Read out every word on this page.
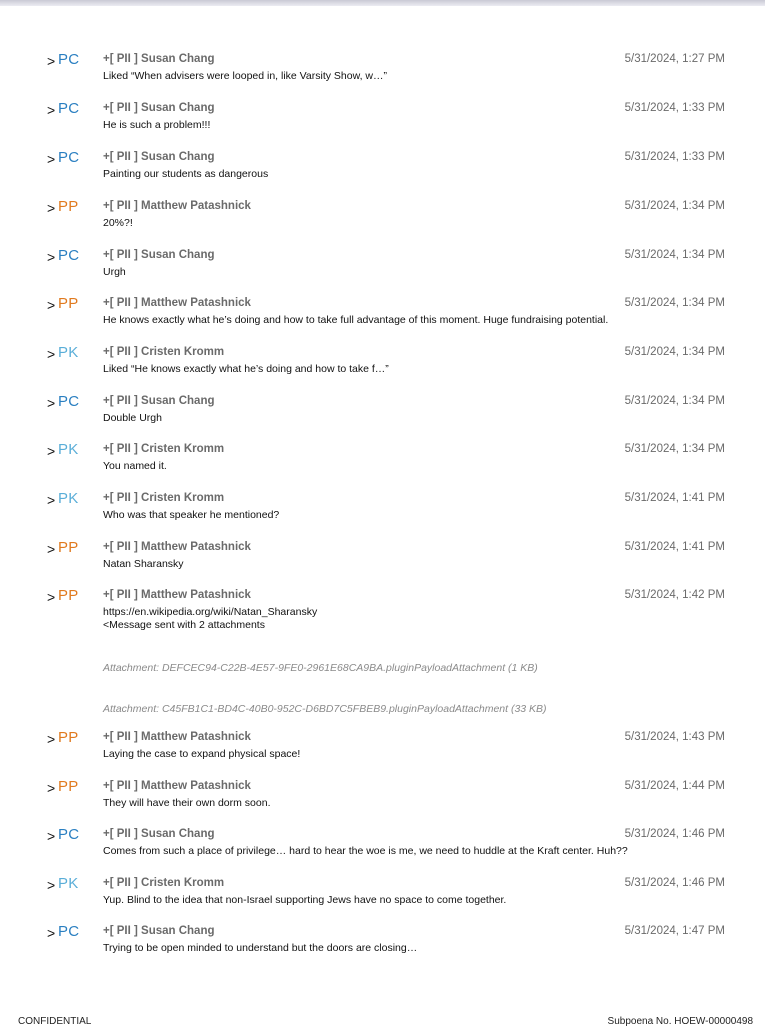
> PC +[ PII ] Susan Chang	5/31/2024, 1:27 PM
Liked “When advisers were looped in, like Varsity Show, w…”
> PC +[ PII ] Susan Chang	5/31/2024, 1:33 PM
He is such a problem!!!
> PC +[ PII ] Susan Chang	5/31/2024, 1:33 PM
Painting our students as dangerous
> PP +[ PII ] Matthew Patashnick	5/31/2024, 1:34 PM
20%?!
> PC +[ PII ] Susan Chang	5/31/2024, 1:34 PM
Urgh
> PP +[ PII ] Matthew Patashnick	5/31/2024, 1:34 PM
He knows exactly what he’s doing and how to take full advantage of this moment. Huge fundraising potential.
> PK +[ PII ] Cristen Kromm	5/31/2024, 1:34 PM
Liked “He knows exactly what he’s doing and how to take f…”
> PC +[ PII ] Susan Chang	5/31/2024, 1:34 PM
Double Urgh
> PK +[ PII ] Cristen Kromm	5/31/2024, 1:34 PM
You named it.
> PK +[ PII ] Cristen Kromm	5/31/2024, 1:41 PM
Who was that speaker he mentioned?
> PP +[ PII ] Matthew Patashnick	5/31/2024, 1:41 PM
Natan Sharansky
> PP +[ PII ] Matthew Patashnick	5/31/2024, 1:42 PM
https://en.wikipedia.org/wiki/Natan_Sharansky
<Message sent with 2 attachments
Attachment: DEFCEC94-C22B-4E57-9FE0-2961E68CA9BA.pluginPayloadAttachment (1 KB)
Attachment: C45FB1C1-BD4C-40B0-952C-D6BD7C5FBEB9.pluginPayloadAttachment (33 KB)
> PP +[ PII ] Matthew Patashnick	5/31/2024, 1:43 PM
Laying the case to expand physical space!
> PP +[ PII ] Matthew Patashnick	5/31/2024, 1:44 PM
They will have their own dorm soon.
> PC +[ PII ] Susan Chang	5/31/2024, 1:46 PM
Comes from such a place of privilege… hard to hear the woe is me, we need to huddle at the Kraft center. Huh??
> PK +[ PII ] Cristen Kromm	5/31/2024, 1:46 PM
Yup. Blind to the idea that non-Israel supporting Jews have no space to come together.
> PC +[ PII ] Susan Chang	5/31/2024, 1:47 PM
Trying to be open minded to understand but the doors are closing…
CONFIDENTIAL	Subpoena No. HOEW-00000498
